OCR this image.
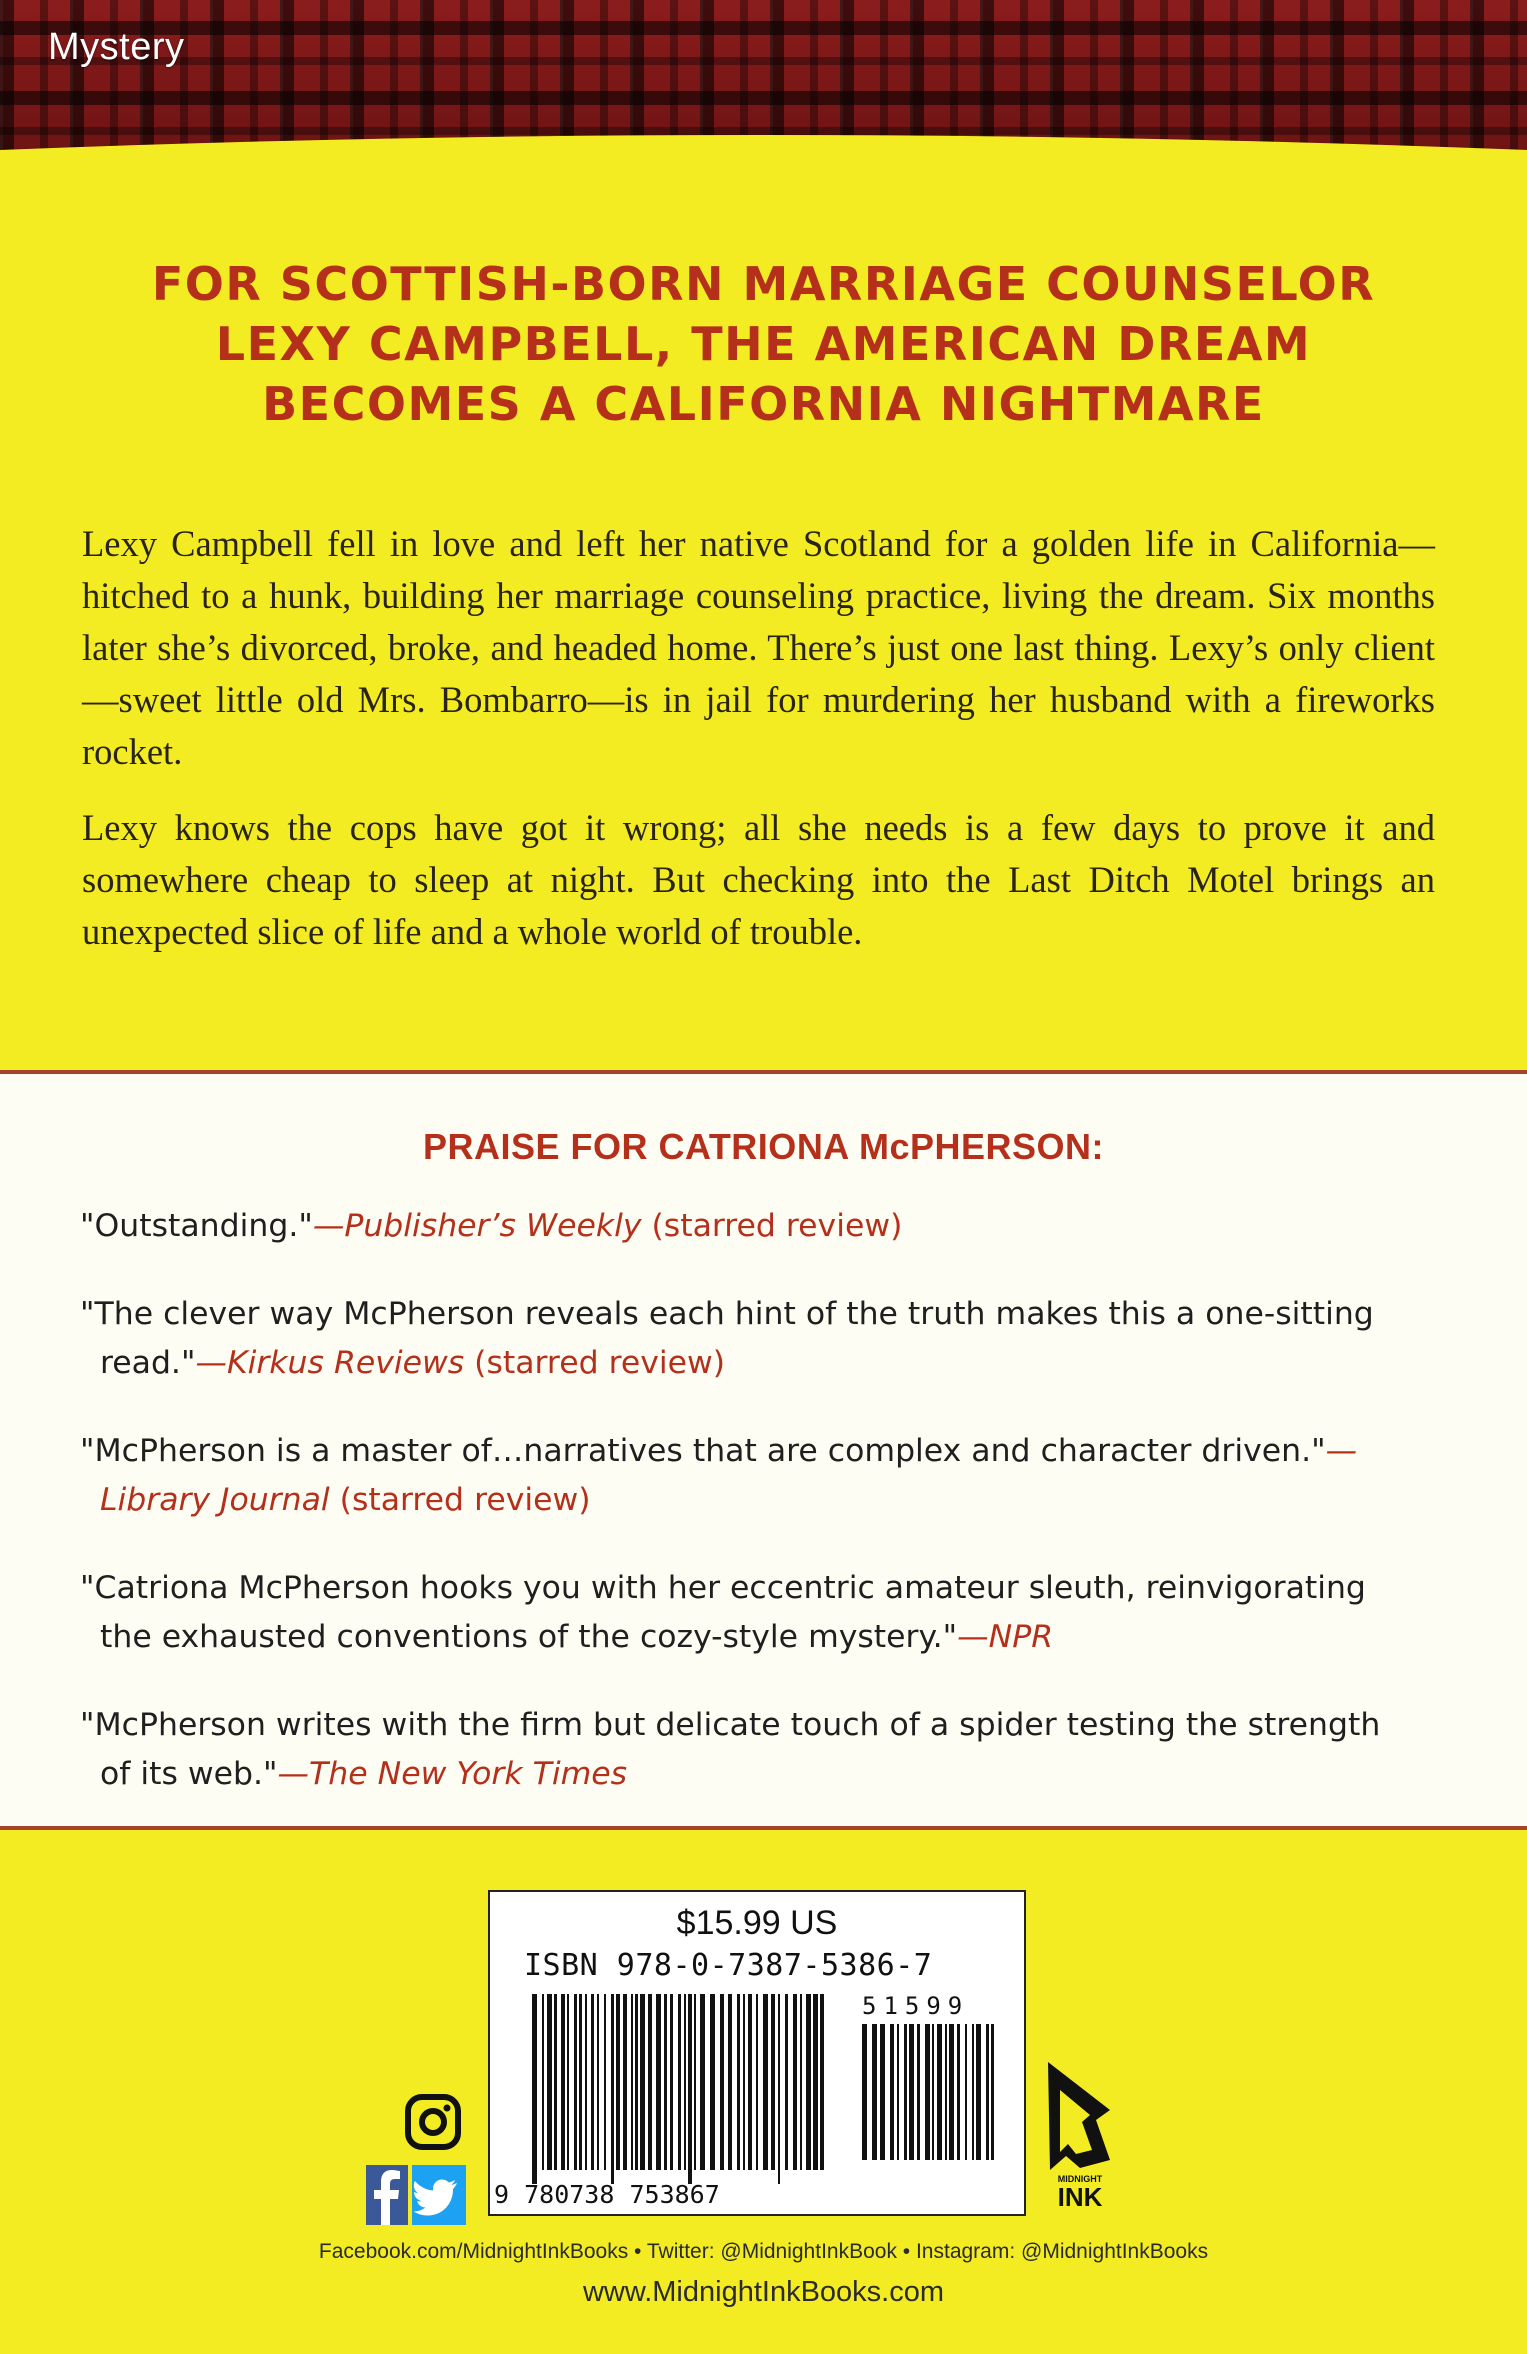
Mystery
FOR SCOTTISH-BORN MARRIAGE COUNSELOR
LEXY CAMPBELL, THE AMERICAN DREAM
BECOMES A CALIFORNIA NIGHTMARE

Lexy Campbell fell in love and left her native Scotland for a golden life in California—hitched to a hunk, building her marriage counseling practice, living the dream. Six months later she’s divorced, broke, and headed home. There’s just one last thing. Lexy’s only client—sweet little old Mrs. Bombarro—is in jail for murdering her husband with a fireworks rocket.

Lexy knows the cops have got it wrong; all she needs is a few days to prove it and somewhere cheap to sleep at night. But checking into the Last Ditch Motel brings an unexpected slice of life and a whole world of trouble.

PRAISE FOR CATRIONA McPHERSON:
"Outstanding."—Publisher’s Weekly (starred review)
"The clever way McPherson reveals each hint of the truth makes this a one-sitting read."—Kirkus Reviews (starred review)
"McPherson is a master of…narratives that are complex and character driven."—Library Journal (starred review)
"Catriona McPherson hooks you with her eccentric amateur sleuth, reinvigorating the exhausted conventions of the cozy-style mystery."—NPR
"McPherson writes with the firm but delicate touch of a spider testing the strength of its web."—The New York Times
$15.99 US
ISBN 978-0-7387-5386-7
51599
9 780738 753867
MIDNIGHT
INK
Facebook.com/MidnightInkBooks • Twitter: @MidnightInkBook • Instagram: @MidnightInkBooks
www.MidnightInkBooks.com
